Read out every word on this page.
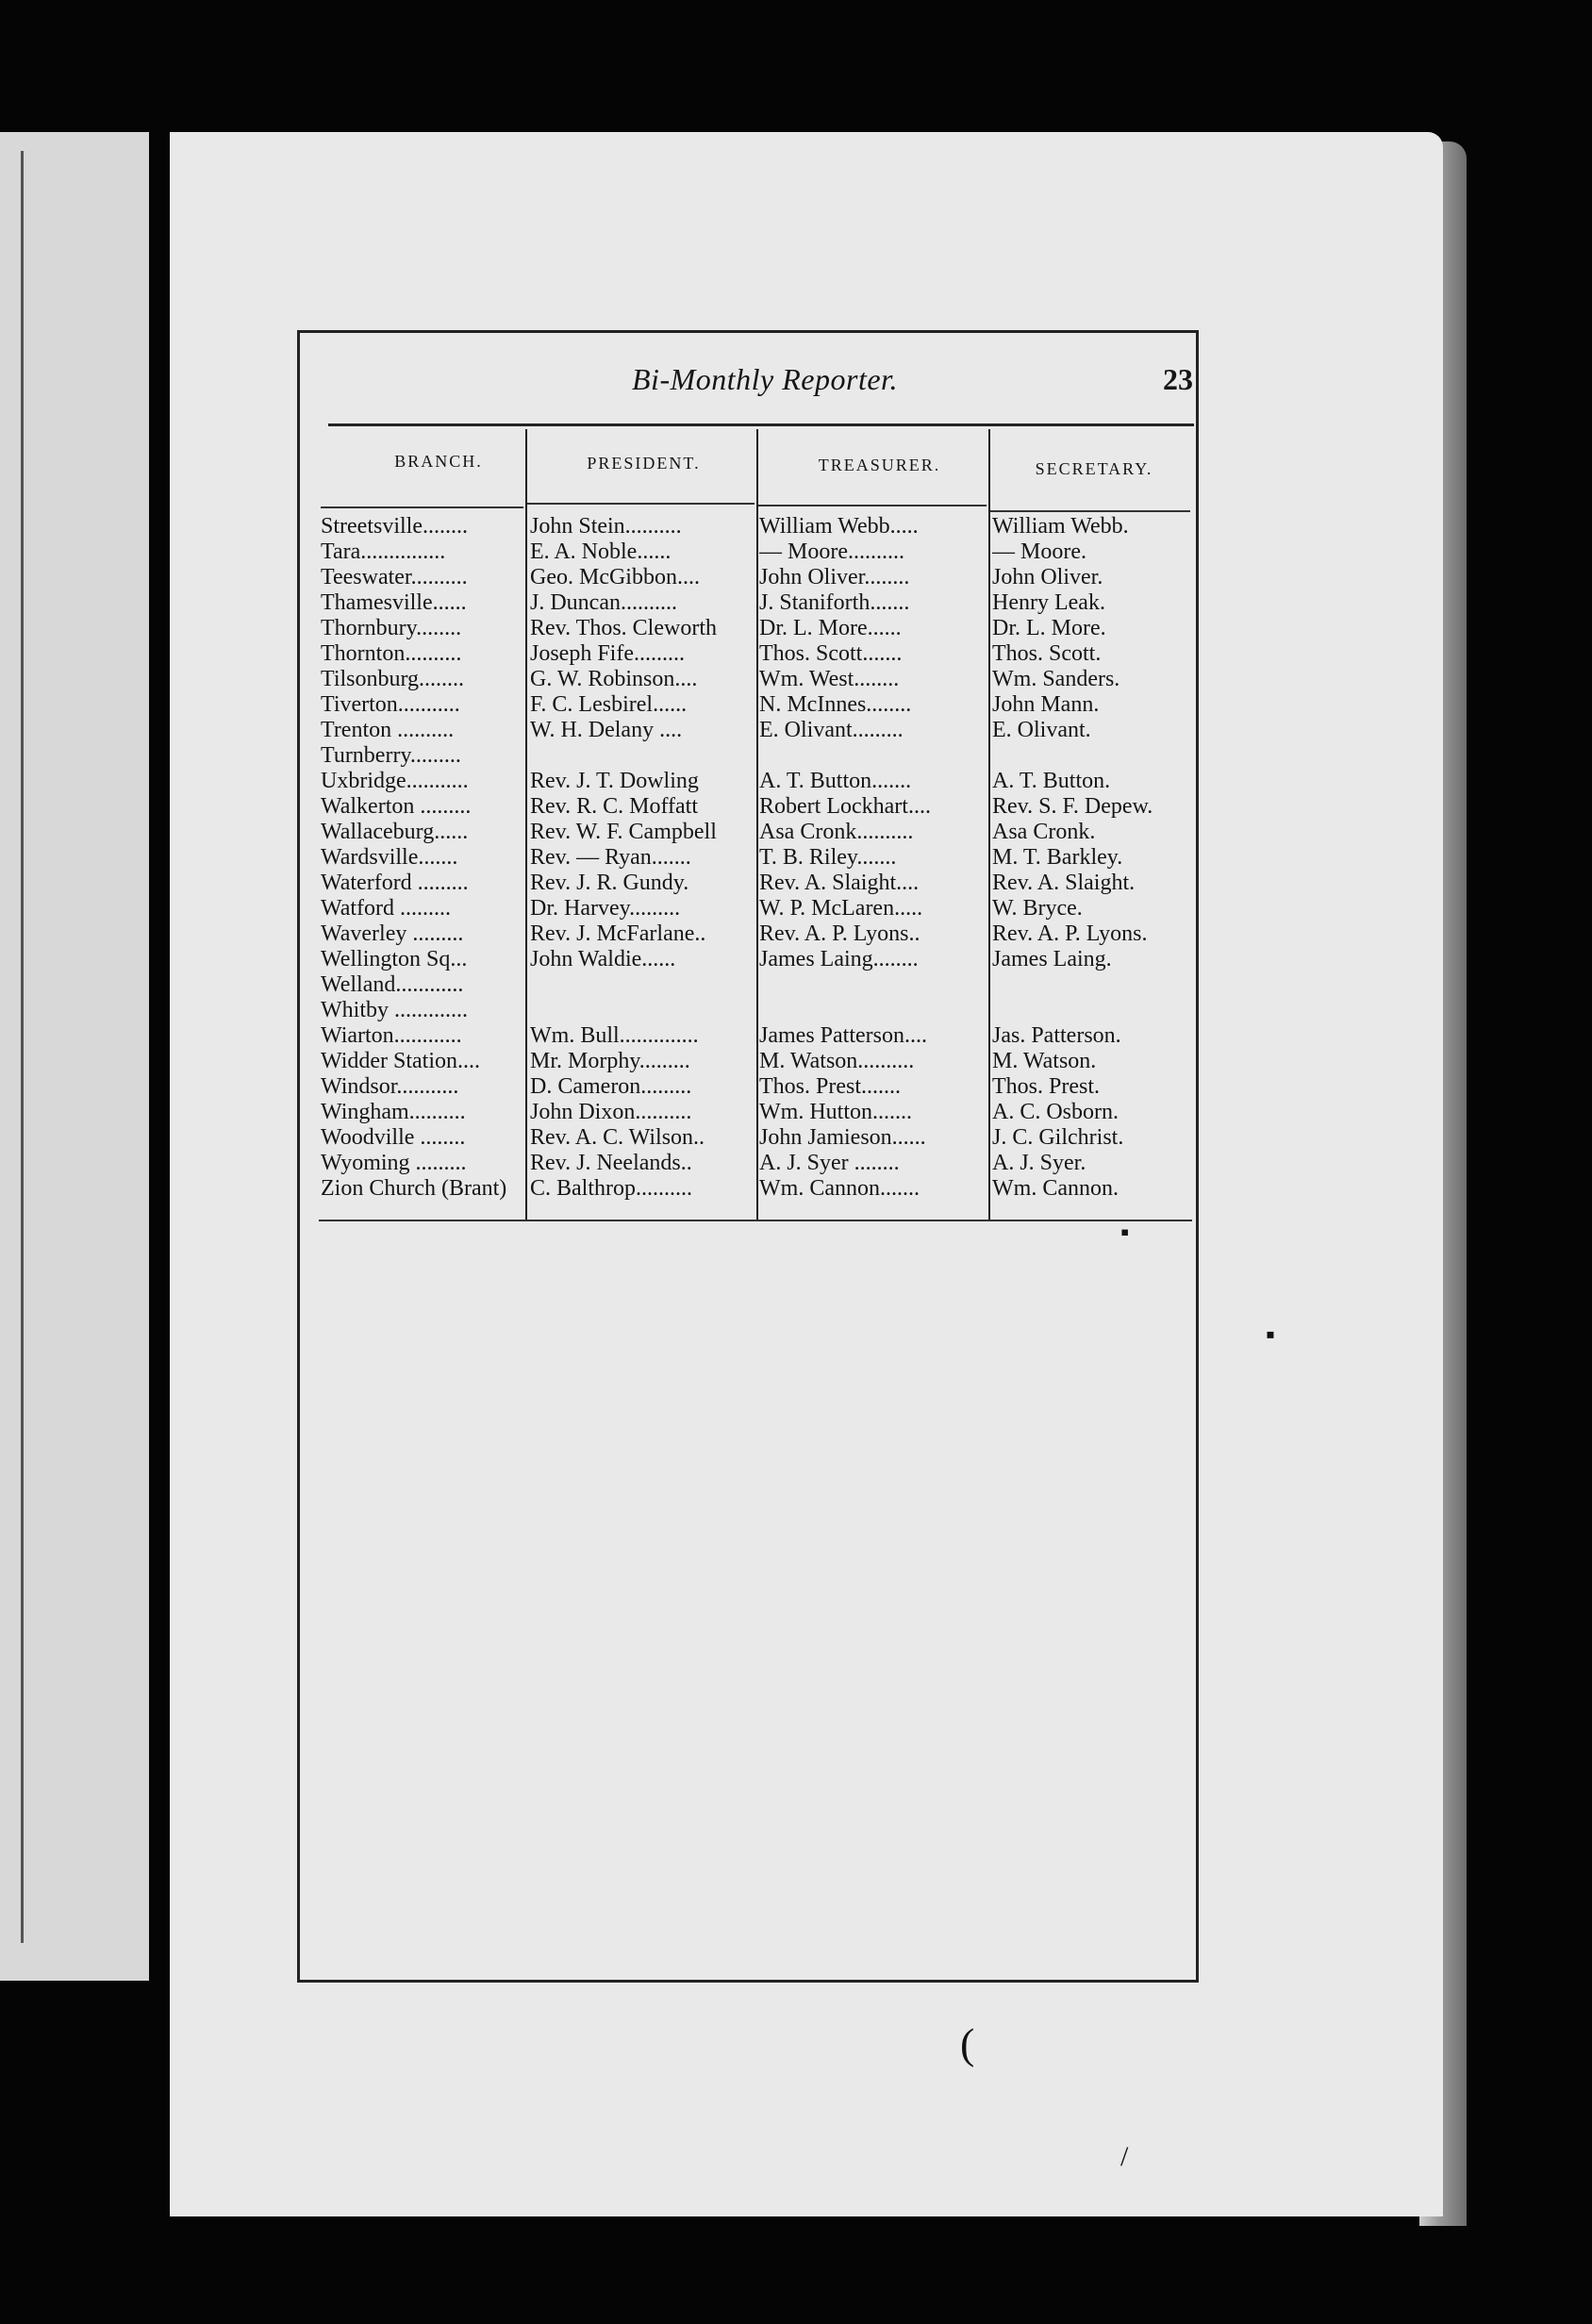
Bi-Monthly Reporter.	23
BRANCH.	PRESIDENT.	TREASURER.	SECRETARY.
Streetsville........	John Stein..........	William Webb.....	William Webb.
Tara...............	E. A. Noble......	— Moore..........	— Moore.
Teeswater..........	Geo. McGibbon....	John Oliver........	John Oliver.
Thamesville......	J. Duncan..........	J. Staniforth.......	Henry Leak.
Thornbury........	Rev. Thos. Cleworth	Dr. L. More......	Dr. L. More.
Thornton..........	Joseph Fife.........	Thos. Scott.......	Thos. Scott.
Tilsonburg........	G. W. Robinson....	Wm. West........	Wm. Sanders.
Tiverton...........	F. C. Lesbirel......	N. McInnes........	John Mann.
Trenton ..........	W. H. Delany ....	E. Olivant.........	E. Olivant.
Turnberry.........
Uxbridge...........	Rev. J. T. Dowling	A. T. Button.......	A. T. Button.
Walkerton .........	Rev. R. C. Moffatt	Robert Lockhart....	Rev. S. F. Depew.
Wallaceburg......	Rev. W. F. Campbell	Asa Cronk..........	Asa Cronk.
Wardsville.......	Rev. — Ryan.......	T. B. Riley.......	M. T. Barkley.
Waterford .........	Rev. J. R. Gundy.	Rev. A. Slaight....	Rev. A. Slaight.
Watford .........	Dr. Harvey.........	W. P. McLaren.....	W. Bryce.
Waverley .........	Rev. J. McFarlane..	Rev. A. P. Lyons..	Rev. A. P. Lyons.
Wellington Sq...	John Waldie......	James Laing........	James Laing.
Welland............
Whitby .............
Wiarton............	Wm. Bull..............	James Patterson....	Jas. Patterson.
Widder Station....	Mr. Morphy.........	M. Watson..........	M. Watson.
Windsor...........	D. Cameron.........	Thos. Prest.......	Thos. Prest.
Wingham..........	John Dixon..........	Wm. Hutton.......	A. C. Osborn.
Woodville ........	Rev. A. C. Wilson..	John Jamieson......	J. C. Gilchrist.
Wyoming .........	Rev. J. Neelands..	A. J. Syer ........	A. J. Syer.
Zion Church (Brant)	C. Balthrop..........	Wm. Cannon.......	Wm. Cannon.
(
▪
▪
/
